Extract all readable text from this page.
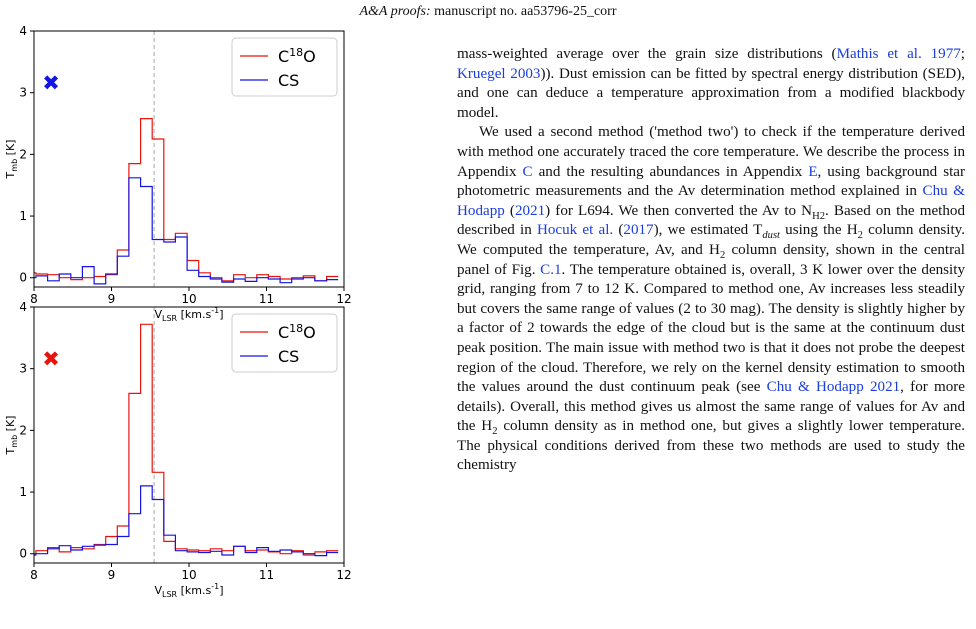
A&A proofs: manuscript no. aa53796-25_corr
8	9	10	11	12
0
1
2
3
4
$V_{LSR}$ $[km.s^{-1}]$
$T_{mb}$ [K]
✖
$C^{18}O$
CS
8	9	10	11	12
0
1
2
3
4
$V_{LSR}$ $[km.s^{-1}]$
$T_{mb}$ [K]
✖
$C^{18}O$
CS

mass-weighted average over the grain size distributions (Mathis et al. 1977; Kruegel 2003)). Dust emission can be fitted by spectral energy distribution (SED), and one can deduce a temperature approximation from a modified blackbody model.

We used a second method ('method two') to check if the temperature derived with method one accurately traced the core temperature. We describe the process in Appendix C and the resulting abundances in Appendix E, using background star photometric measurements and the Av determination method explained in Chu & Hodapp (2021) for L694. We then converted the Av to $N_{H2}$. Based on the method described in Hocuk et al. (2017), we estimated $T_{dust}$ using the $H_2$ column density. We computed the temperature, Av, and $H_2$ column density, shown in the central panel of Fig. C.1. The temperature obtained is, overall, 3 K lower over the density grid, ranging from 7 to 12 K. Compared to method one, Av increases less steadily but covers the same range of values (2 to 30 mag). The density is slightly higher by a factor of 2 towards the edge of the cloud but is the same at the continuum dust peak position. The main issue with method two is that it does not probe the deepest region of the cloud. Therefore, we rely on the kernel density estimation to smooth the values around the dust continuum peak (see Chu & Hodapp 2021, for more details). Overall, this method gives us almost the same range of values for Av and the $H_2$ column density as in method one, but gives a slightly lower temperature. The physical conditions derived from these two methods are used to study the chemistry
